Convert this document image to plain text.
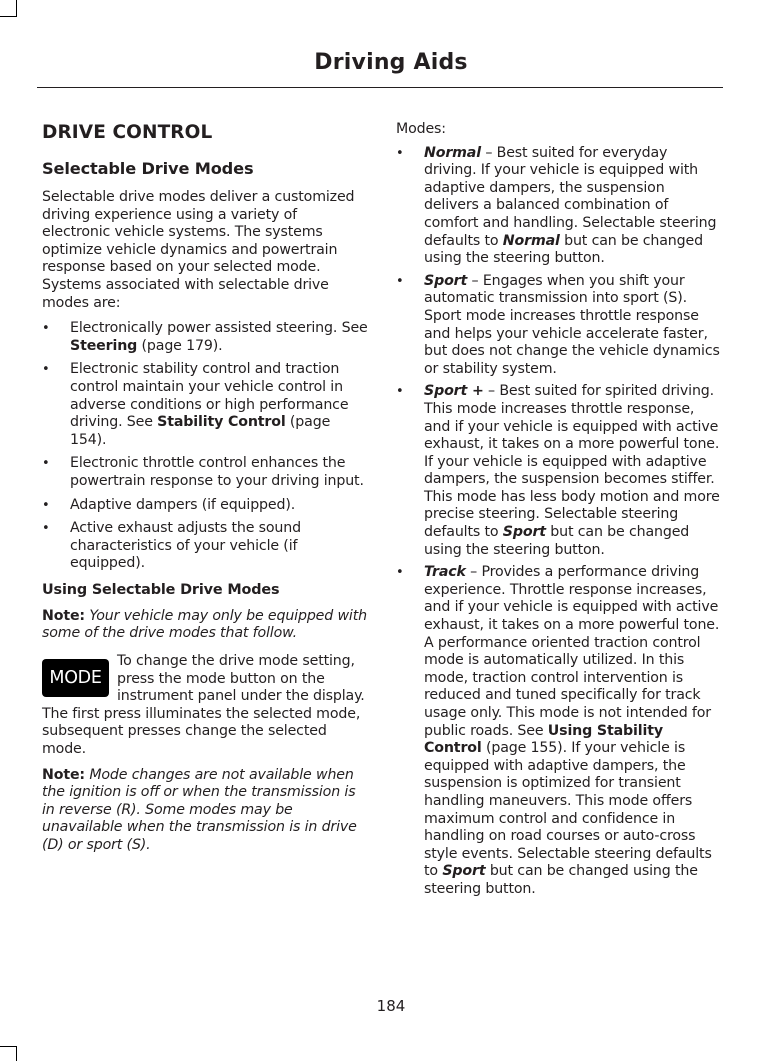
Driving Aids
DRIVE CONTROL
Selectable Drive Modes

Selectable drive modes deliver a customized driving experience using a variety of electronic vehicle systems. The systems optimize vehicle dynamics and powertrain response based on your selected mode. Systems associated with selectable drive modes are:

• Electronically power assisted steering. See Steering (page 179).
• Electronic stability control and traction control maintain your vehicle control in adverse conditions or high performance driving. See Stability Control (page 154).
• Electronic throttle control enhances the powertrain response to your driving input.
• Adaptive dampers (if equipped).
• Active exhaust adjusts the sound characteristics of your vehicle (if equipped).
Using Selectable Drive Modes

Note: Your vehicle may only be equipped with some of the drive modes that follow.

MODE
To change the drive mode setting, press the mode button on the instrument panel under the display. The first press illuminates the selected mode, subsequent presses change the selected mode.

Note: Mode changes are not available when the ignition is off or when the transmission is in reverse (R). Some modes may be unavailable when the transmission is in drive (D) or sport (S).

Modes:

• Normal – Best suited for everyday driving. If your vehicle is equipped with adaptive dampers, the suspension delivers a balanced combination of comfort and handling. Selectable steering defaults to Normal but can be changed using the steering button.
• Sport – Engages when you shift your automatic transmission into sport (S). Sport mode increases throttle response and helps your vehicle accelerate faster, but does not change the vehicle dynamics or stability system.
• Sport + – Best suited for spirited driving. This mode increases throttle response, and if your vehicle is equipped with active exhaust, it takes on a more powerful tone. If your vehicle is equipped with adaptive dampers, the suspension becomes stiffer. This mode has less body motion and more precise steering. Selectable steering defaults to Sport but can be changed using the steering button.
• Track – Provides a performance driving experience. Throttle response increases, and if your vehicle is equipped with active exhaust, it takes on a more powerful tone. A performance oriented traction control mode is automatically utilized. In this mode, traction control intervention is reduced and tuned specifically for track usage only. This mode is not intended for public roads. See Using Stability Control (page 155). If your vehicle is equipped with adaptive dampers, the suspension is optimized for transient handling maneuvers. This mode offers maximum control and confidence in handling on road courses or auto-cross style events. Selectable steering defaults to Sport but can be changed using the steering button.
184
